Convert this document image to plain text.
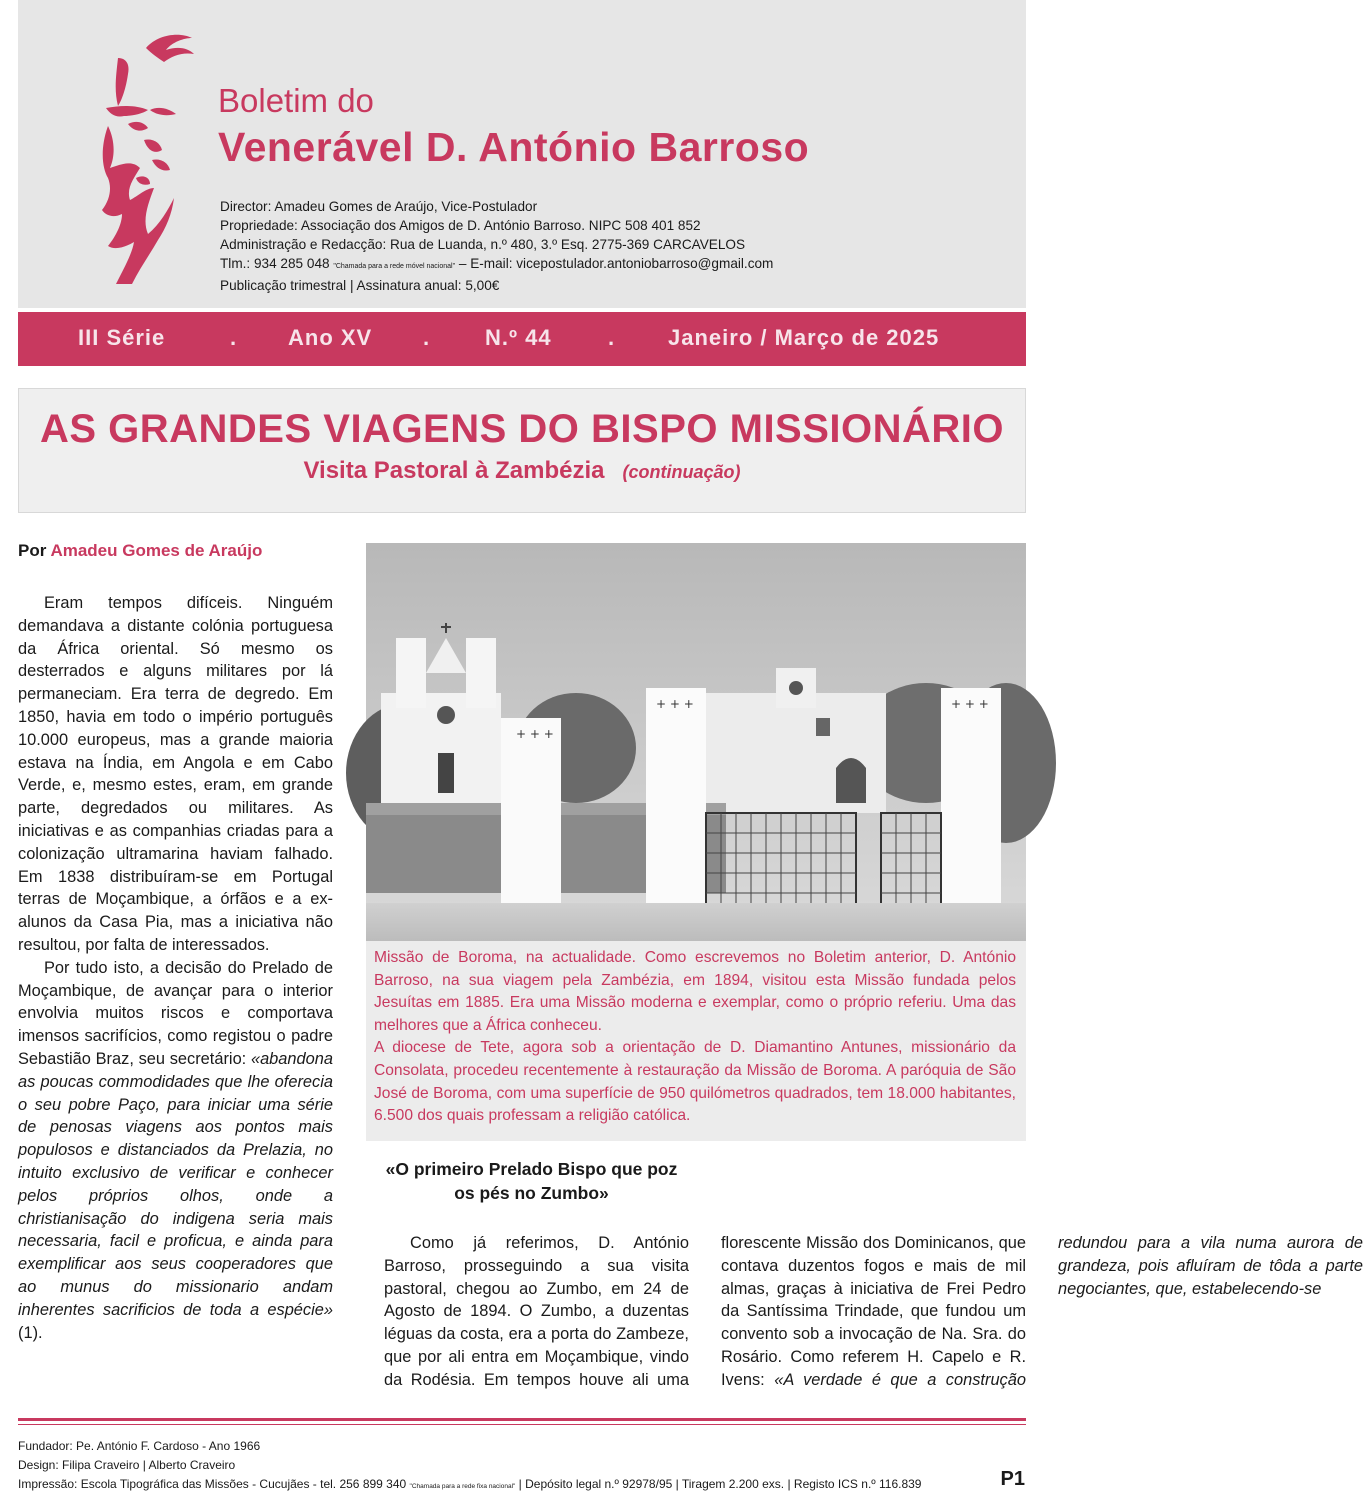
Boletim do
Venerável D. António Barroso
Director: Amadeu Gomes de Araújo, Vice-Postulador
Propriedade: Associação dos Amigos de D. António Barroso. NIPC 508 401 852
Administração e Redacção: Rua de Luanda, n.º 480, 3.º Esq. 2775-369 CARCAVELOS
Tlm.: 934 285 048 "Chamada para a rede móvel nacional" – E-mail: vicepostulador.antoniobarroso@gmail.com
Publicação trimestral | Assinatura anual: 5,00€
III Série	. Ano XV . N.º 44	. Janeiro / Março de 2025
AS GRANDES VIAGENS DO BISPO MISSIONÁRIO
Visita Pastoral à Zambézia (continuação)
Por Amadeu Gomes de Araújo

Eram tempos difíceis. Ninguém demandava a distante colónia portuguesa da África oriental. Só mesmo os desterrados e alguns militares por lá permaneciam. Era terra de degredo. Em 1850, havia em todo o império português 10.000 europeus, mas a grande maioria estava na Índia, em Angola e em Cabo Verde, e, mesmo estes, eram, em grande parte, degredados ou militares. As iniciativas e as companhias criadas para a colonização ultramarina haviam falhado. Em 1838 distribuíram-se em Portugal terras de Moçambique, a órfãos e a ex-alunos da Casa Pia, mas a iniciativa não resultou, por falta de interessados.

Por tudo isto, a decisão do Prelado de Moçambique, de avançar para o interior envolvia muitos riscos e comportava imensos sacrifícios, como registou o padre Sebastião Braz, seu secretário: «abandona as poucas commodidades que lhe oferecia o seu pobre Paço, para iniciar uma série de penosas viagens aos pontos mais populosos e distanciados da Prelazia, no intuito exclusivo de verificar e conhecer pelos próprios olhos, onde a christianisação do indigena seria mais necessaria, facil e proficua, e ainda para exemplificar aos seus cooperadores que ao munus do missionario andam inherentes sacrificios de toda a espécie» (1).

+ + +
+ + +	+ + +

Missão de Boroma, na actualidade. Como escrevemos no Boletim anterior, D. António Barroso, na sua viagem pela Zambézia, em 1894, visitou esta Missão fundada pelos Jesuítas em 1885. Era uma Missão moderna e exemplar, como o próprio referiu. Uma das melhores que a África conheceu.

A diocese de Tete, agora sob a orientação de D. Diamantino Antunes, missionário da Consolata, procedeu recentemente à restauração da Missão de Boroma. A paróquia de São José de Boroma, com uma superfície de 950 quilómetros quadrados, tem 18.000 habitantes, 6.500 dos quais professam a religião católica.

«O primeiro Prelado Bispo que poz os pés no Zumbo»

Como já referimos, D. António Barroso, prosseguindo a sua visita pastoral, chegou ao Zumbo, em 24 de Agosto de 1894. O Zumbo, a duzentas léguas da costa, era a porta do Zambeze, que por ali entra em Moçambique, vindo da Rodésia. Em tempos houve ali uma florescente Missão dos Dominicanos, que contava duzentos fogos e mais de mil almas, graças à iniciativa de Frei Pedro da Santíssima Trindade, que fundou um convento sob a invocação de Na. Sra. do Rosário. Como referem H. Capelo e R. Ivens: «A verdade é que a construção redundou para a vila numa aurora de grandeza, pois afluíram de tôda a parte negociantes, que, estabelecendo-se

Fundador: Pe. António F. Cardoso - Ano 1966
Design: Filipa Craveiro | Alberto Craveiro
Impressão: Escola Tipográfica das Missões - Cucujães - tel. 256 899 340 "Chamada para a rede fixa nacional" | Depósito legal n.º 92978/95 | Tiragem 2.200 exs. | Registo ICS n.º 116.839	P1
